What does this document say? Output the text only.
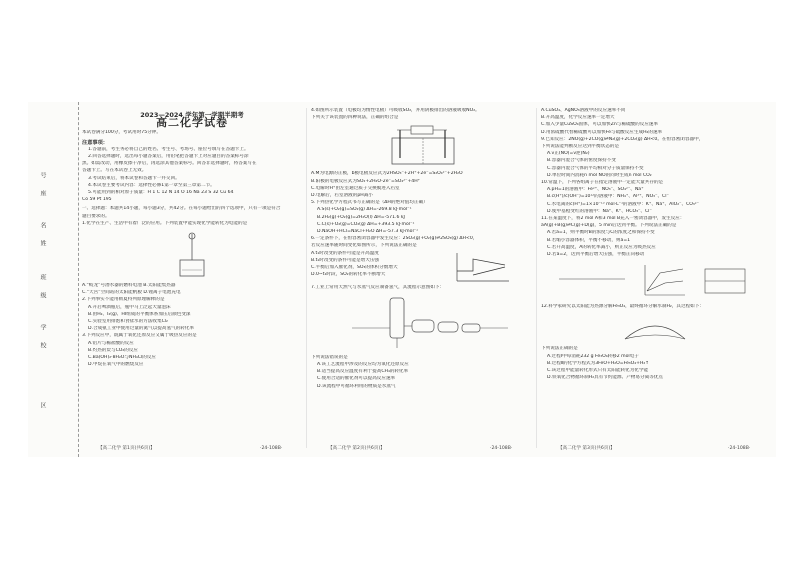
号
座
名
姓
班
级
学
校
区
2023—2024 学年第一学期半期考
高二化学试卷
本试卷满分100分，考试用时75分钟。
注意事项：
1.答题前，考生务必将自己的姓名、考生号、考场号、座位号填写在答题卡上。
2.回答选择题时，选出每小题答案后，用铅笔把答题卡上对应题目的答案标号涂
黑。如需改动，用橡皮擦干净后，再选涂其他答案标号。回答非选择题时，将答案写在
答题卡上。写在本试卷上无效。
3.考试结束后，将本试卷和答题卡一并交回。
4.本试卷主要考试内容：选择性必修1第一章至第三章第二节。
5.可能用到的相对原子质量：H 1 C 12 N 14 O 16 Na 23 S 32 Cu 64
Co 59 Pt 195
一、选择题：本题共14小题，每小题3分，共42分。在每小题给出的四个选项中，只有一项是符合
题目要求的。
1.化学在生产、生活中有着广泛的应用。下列装置中能实现化学能转化为电能的是
A.“蛟龙”号潜水器的燃料电池 B.太阳能集热器
C.“天宫”空间站的太阳能帆板 D.锂离子电池充电
2.下列事实不能用勒夏特列原理解释的是
A.开启啤酒瓶后，瓶中马上泛起大量泡沫
B.由H₂、I₂(g)、HI组成的平衡体系加压后颜色变深
C.实验室用排饱和食盐水的方法收集Cl₂
D.合成氨工业中使用过量的氮气以提高氢气的转化率
3.下列反应中，既属于氧化还原反应又属于吸热反应的是
A.铝片与稀盐酸的反应
B.灼热的炭与CO₂的反应
C.Ba(OH)₂·8H₂O与NH₄Cl的反应
D.甲烷在氧气中的燃烧反应
【高二化学 第1页(共6页)】	·24-108B·
4.如图所示装置（电极均为惰性电极）可吸收SO₂，并用阴极排出的溶液吸收NO₂。
下列关于该装置的四种说法，正确的组合是
A.M为电源的正极，b极电极反应式为2HSO₃⁻+2H⁺+2e⁻=S₂O₄²⁻+2H₂O
B.阳极的电极反应式为SO₂+2H₂O-2e⁻=SO₄²⁻+4H⁺
C.电解时H⁺由左室通过质子交换膜进入右室
D.电解后，右室溶液的pH减小
5.下列热化学方程式书写正确的是（ΔH的绝对值均正确）
A.S(s)+O₂(g)=SO₂(g) ΔH=-269.8 kJ·mol⁻¹
B.2H₂(g)+O₂(g)=2H₂O(l) ΔH=-571.6 kJ
C.C(s)+O₂(g)=CO₂(g) ΔH=+393.5 kJ·mol⁻¹
D.NaOH+HCl=NaCl+H₂O ΔH=-57.3 kJ·mol⁻¹
6.一定条件下，在恒容密闭容器中发生反应：2SO₂(g)+O₂(g)⇌2SO₃(g) ΔH<0，
若反应速率随时间变化如图所示，下列说法正确的是
A.t₁时改变的条件可能是升高温度
B.t₁时改变的条件可能是增大压强
C.平衡后加入催化剂，SO₃的体积分数增大
D.0~t₁时段，SO₂的转化率不断增大
7.工业上常用天然气与水蒸气反应制备氢气，其流程示意图如下：
下列说法错误的是
A.该工艺流程中涉及的反应均为氧化还原反应
B.适当提高反应温度有利于提高CH₄的转化率
C.使用合适的催化剂可以提高反应速率
D.该流程中可循环利用的物质是水蒸气
【高二化学 第2页(共6页)】	·24-108B·
A.CuSO₄、AgNO₃溶液中的反应速率不同
B.升高温度，化学反应速率一定增大
C.加入少量CuSO₄固体，可以加快Zn与稀硫酸的反应速率
D.用浓硫酸代替稀硫酸可以加快Fe与硫酸反应生成H₂的速率
9.已知反应：2NO(g)+2CO(g)⇌N₂(g)+2CO₂(g) ΔH<0。在恒容密闭容器中，
下列说法能判断反应达到平衡状态的是
A.v正(NO)=v逆(N₂)
B.容器内混合气体的密度保持不变
C.容器内混合气体的平均相对分子质量保持不变
D.单位时间内消耗n mol NO的同时生成n mol CO₂
10.常温下，下列各组离子在指定溶液中一定能大量共存的是
A.pH=1的溶液中：Fe²⁺、NO₃⁻、SO₄²⁻、Na⁺
B.c(H⁺)/c(OH⁻)=10¹²的溶液中：NH₄⁺、Al³⁺、NO₃⁻、Cl⁻
C.水电离的c(H⁺)=1×10⁻¹³ mol·L⁻¹的溶液中：K⁺、Na⁺、AlO₂⁻、CO₃²⁻
D.使甲基橙变红的溶液中：Na⁺、K⁺、HCO₃⁻、Cl⁻
11.在某温度下，将2 mol A和3 mol B充入一密闭容器中，发生反应：
aA(g)+B(g)⇌C(g)+D(g)，5 min后达到平衡。下列说法正确的是
A.若a=1，则平衡时B的浓度与C的浓度之和保持不变
B.若缩小容器体积，平衡不移动，则a=1
C.若升高温度，A的转化率减小，则正反应为吸热反应
D.若a=2，达到平衡后增大压强，平衡正向移动
12.科学家研究以太阳能为热源分解Fe₃O₄，最终循环分解水制H₂，其过程如下：
下列说法正确的是
A.过程Ⅰ中每消耗232 g Fe₃O₄转移2 mol电子
B.过程Ⅱ的化学方程式为3FeO+H₂O=Fe₃O₄+H₂↑
C.该过程中能量转化形式只有太阳能转化为化学能
D.铁氧化合物循环制H₂具有节约能源、产物易分离等优点
【高二化学 第3页(共6页)】	·24-108B·
